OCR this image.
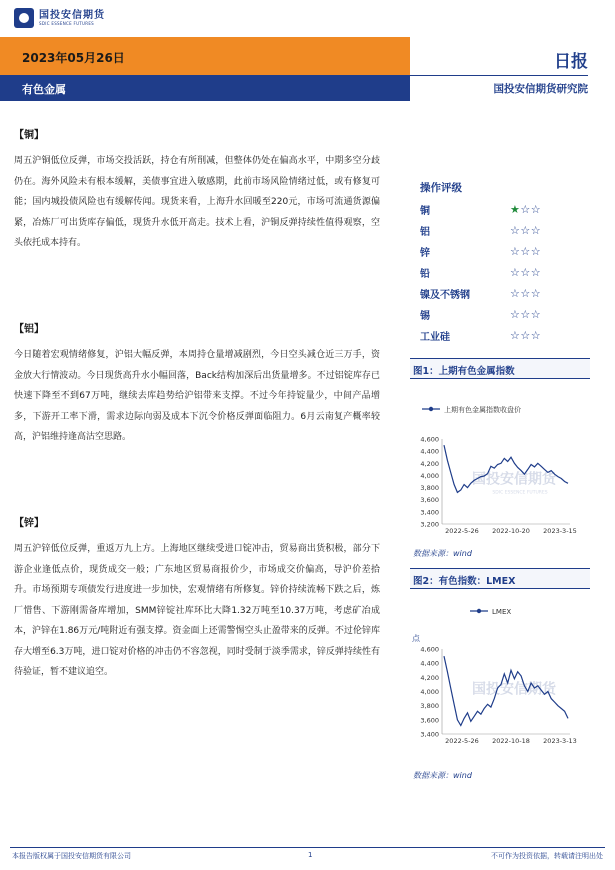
国投安信期货
SDIC ESSENCE FUTURES
2023年05月26日
有色金属
日报
国投安信期货研究院
【铜】
周五沪铜低位反弹，市场交投活跃，持仓有所削减，但整体仍处在偏高水平，中期多空分歧仍在。海外风险未有根本缓解，美债事宜进入敏感期，此前市场风险情绪过低，或有修复可能；国内城投债风险也有缓解传闻。现货来看，上海升水回暖至220元，市场可流通货源偏紧，冶炼厂可出货库存偏低，现货升水低开高走。技术上看，沪铜反弹持续性值得观察，空头依托成本持有。
【铝】
今日随着宏观情绪修复，沪铝大幅反弹，本周持仓量增减剧烈，今日空头减仓近三万手，资金放大行情波动。今日现货高升水小幅回落，Back结构加深后出货量增多。不过铝锭库存已快速下降至不到67万吨，继续去库趋势给沪铝带来支撑。不过今年持锭量少，中间产品增多，下游开工率下滑，需求边际向弱及成本下沉令价格反弹面临阻力。6月云南复产概率较高，沪铝维持逢高沽空思路。
【锌】
周五沪锌低位反弹，重返万九上方。上海地区继续受进口锭冲击，贸易商出货积极，部分下游企业逢低点价，现货成交一般；广东地区贸易商报价少，市场成交价偏高，导沪价差拾升。市场预期专项债发行进度进一步加快，宏观情绪有所修复。锌价持续流畅下跌之后，炼厂惜售、下游刚需备库增加，SMM锌锭社库环比大降1.32万吨至10.37万吨，考虑矿冶成本，沪锌在1.86万元/吨附近有强支撑。资金面上还需警惕空头止盈带来的反弹。不过伦锌库存大增至6.3万吨，进口锭对价格的冲击仍不容忽视，同时受制于淡季需求，锌反弹持续性有待验证，暂不建议追空。
操作评级
铜	★☆☆
铝	☆☆☆
锌	☆☆☆
铅	☆☆☆
镍及不锈钢	☆☆☆
锡	☆☆☆
工业硅	☆☆☆
图1：上期有色金属指数
上期有色金属指数收盘价
国投安信期货
SDIC ESSENCE FUTURES
3,200
3,400
3,600
3,800
4,000
4,200
4,400
4,600
2022-5-26 2022-10-20 2023-3-15
数据来源：wind
图2：有色指数：LMEX
LMEX
点
国投安信期货
3,400
3,600
3,800
4,000
4,200
4,400
4,600
2022-5-26 2022-10-18 2023-3-13
数据来源：wind
本报告版权属于国投安信期货有限公司	1	不可作为投资依据，转载请注明出处
